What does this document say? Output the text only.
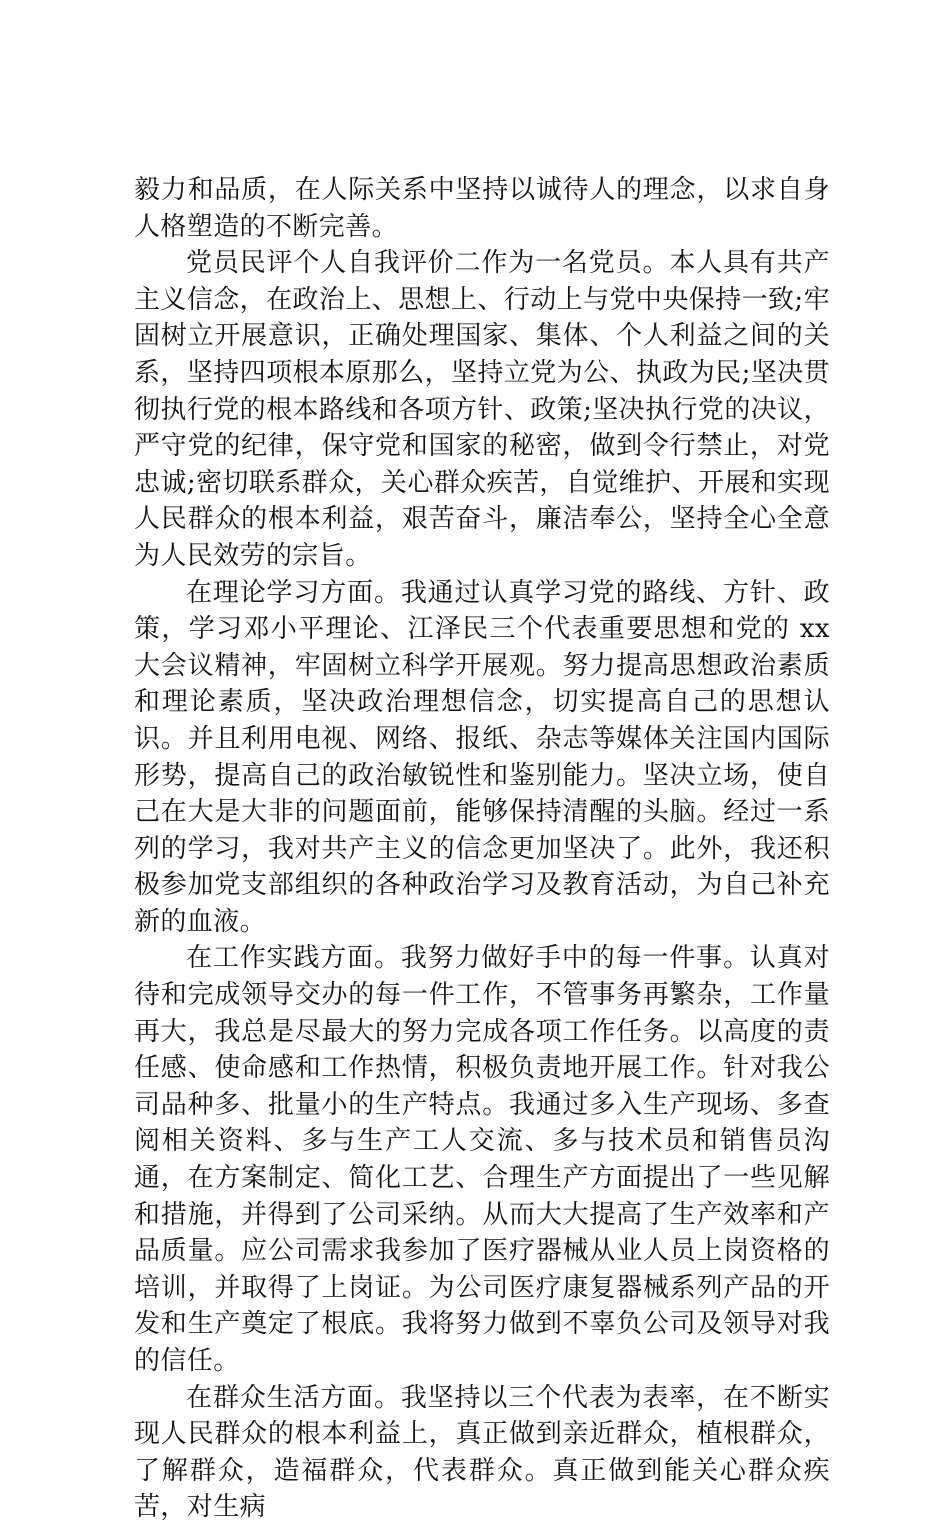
毅力和品质，在人际关系中坚持以诚待人的理念，以求自身人格塑造的不断完善。

党员民评个人自我评价二作为一名党员。本人具有共产主义信念，在政治上、思想上、行动上与党中央保持一致;牢固树立开展意识，正确处理国家、集体、个人利益之间的关系，坚持四项根本原那么，坚持立党为公、执政为民;坚决贯彻执行党的根本路线和各项方针、政策;坚决执行党的决议，严守党的纪律，保守党和国家的秘密，做到令行禁止，对党忠诚;密切联系群众，关心群众疾苦，自觉维护、开展和实现人民群众的根本利益，艰苦奋斗，廉洁奉公，坚持全心全意为人民效劳的宗旨。

在理论学习方面。我通过认真学习党的路线、方针、政策，学习邓小平理论、江泽民三个代表重要思想和党的 xx 大会议精神，牢固树立科学开展观。努力提高思想政治素质和理论素质，坚决政治理想信念，切实提高自己的思想认识。并且利用电视、网络、报纸、杂志等媒体关注国内国际形势，提高自己的政治敏锐性和鉴别能力。坚决立场，使自己在大是大非的问题面前，能够保持清醒的头脑。经过一系列的学习，我对共产主义的信念更加坚决了。此外，我还积极参加党支部组织的各种政治学习及教育活动，为自己补充新的血液。

在工作实践方面。我努力做好手中的每一件事。认真对待和完成领导交办的每一件工作，不管事务再繁杂，工作量再大，我总是尽最大的努力完成各项工作任务。以高度的责任感、使命感和工作热情，积极负责地开展工作。针对我公司品种多、批量小的生产特点。我通过多入生产现场、多查阅相关资料、多与生产工人交流、多与技术员和销售员沟通，在方案制定、简化工艺、合理生产方面提出了一些见解和措施，并得到了公司采纳。从而大大提高了生产效率和产品质量。应公司需求我参加了医疗器械从业人员上岗资格的培训，并取得了上岗证。为公司医疗康复器械系列产品的开发和生产奠定了根底。我将努力做到不辜负公司及领导对我的信任。

在群众生活方面。我坚持以三个代表为表率，在不断实现人民群众的根本利益上，真正做到亲近群众，植根群众，了解群众，造福群众，代表群众。真正做到能关心群众疾苦，对生病
